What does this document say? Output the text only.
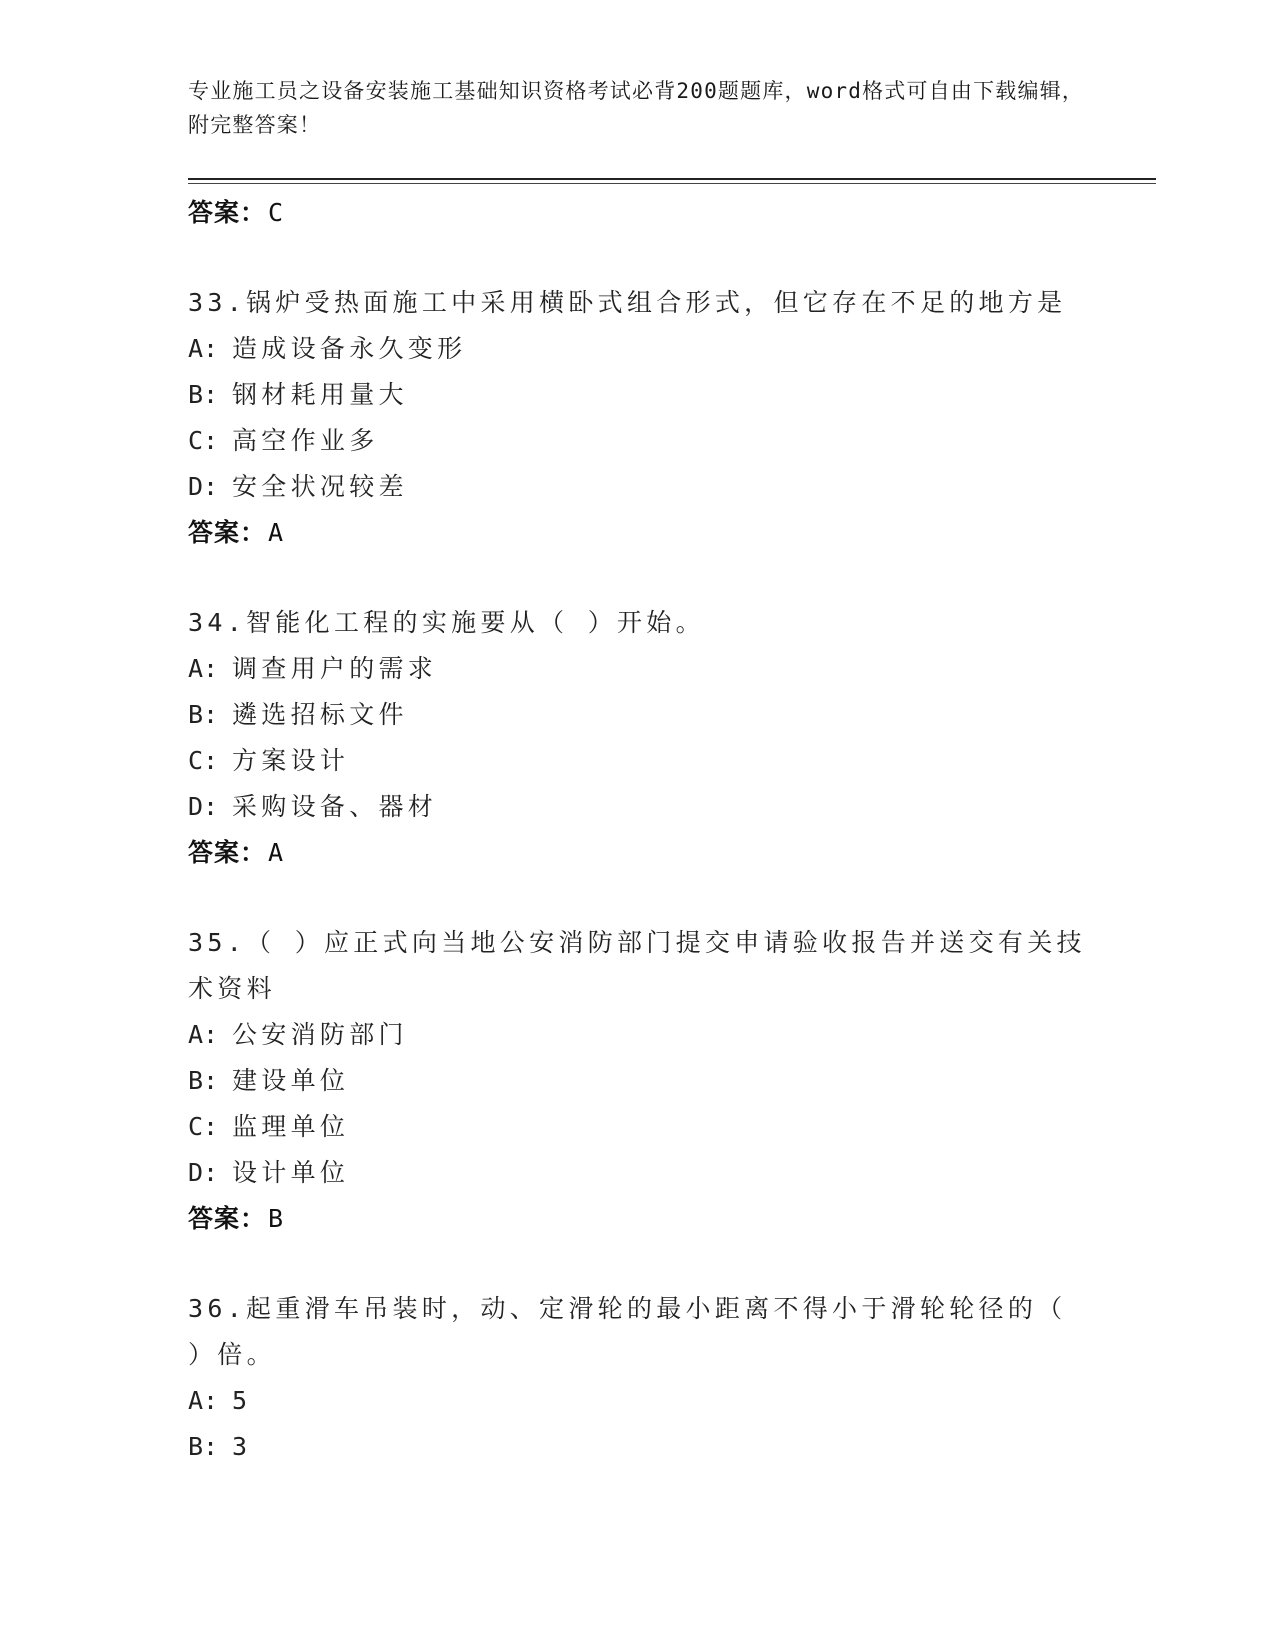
专业施工员之设备安装施工基础知识资格考试必背200题题库，word格式可自由下载编辑，附完整答案！
答案：C
33.锅炉受热面施工中采用横卧式组合形式，但它存在不足的地方是
A: 造成设备永久变形
B: 钢材耗用量大
C: 高空作业多
D: 安全状况较差
答案：A
34.智能化工程的实施要从（ ）开始。
A: 调查用户的需求
B: 遴选招标文件
C: 方案设计
D: 采购设备、器材
答案：A
35.（ ）应正式向当地公安消防部门提交申请验收报告并送交有关技术资料
A: 公安消防部门
B: 建设单位
C: 监理单位
D: 设计单位
答案：B
36.起重滑车吊装时，动、定滑轮的最小距离不得小于滑轮轮径的（ ）倍。
A: 5
B: 3
